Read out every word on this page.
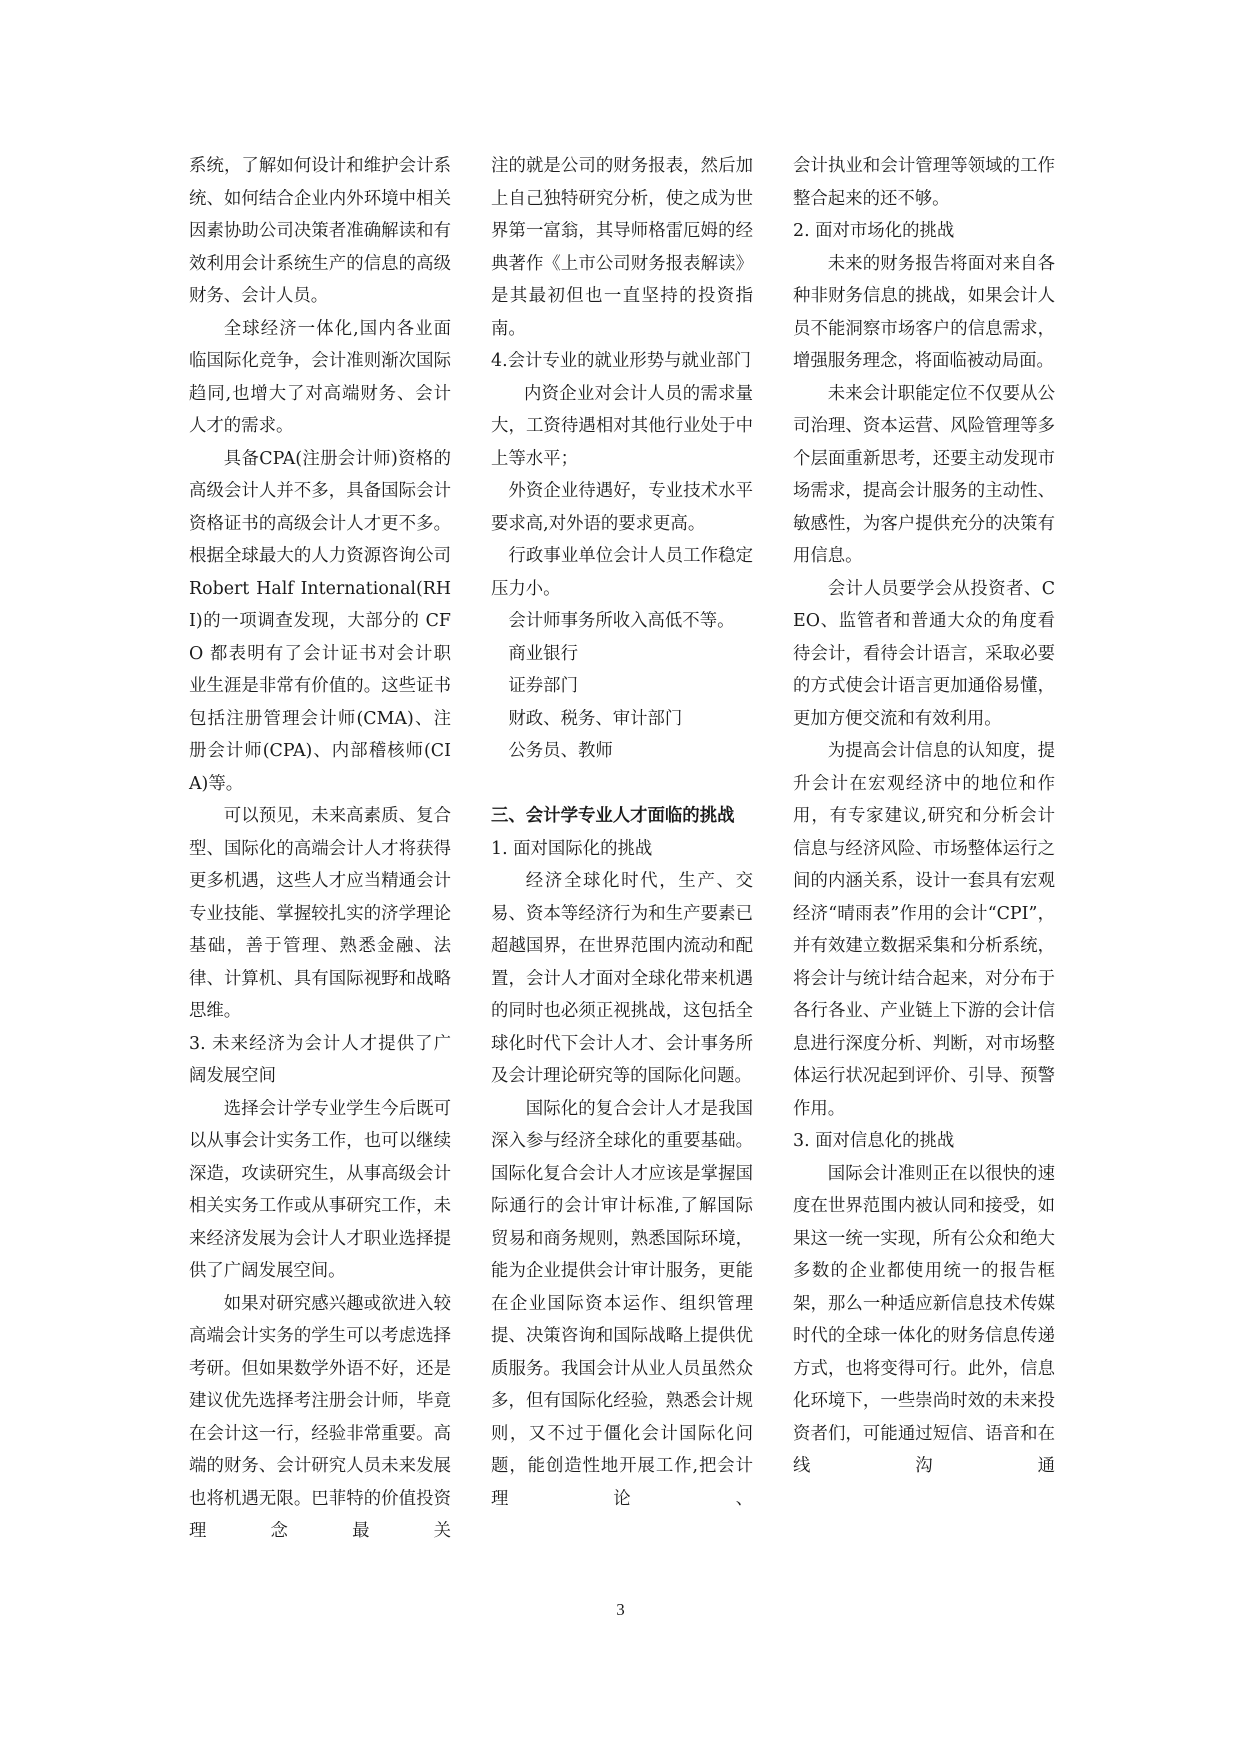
系统，了解如何设计和维护会计系统、如何结合企业内外环境中相关因素协助公司决策者准确解读和有效利用会计系统生产的信息的高级财务、会计人员。

全球经济一体化,国内各业面临国际化竞争，会计准则渐次国际趋同,也增大了对高端财务、会计人才的需求。

具备CPA(注册会计师)资格的高级会计人并不多，具备国际会计资格证书的高级会计人才更不多。根据全球最大的人力资源咨询公司 Robert Half International(RHI)的一项调查发现，大部分的 CFO 都表明有了会计证书对会计职业生涯是非常有价值的。这些证书包括注册管理会计师(CMA)、注册会计师(CPA)、内部稽核师(CIA)等。

可以预见，未来高素质、复合型、国际化的高端会计人才将获得更多机遇，这些人才应当精通会计专业技能、掌握较扎实的济学理论基础，善于管理、熟悉金融、法律、计算机、具有国际视野和战略思维。

3. 未来经济为会计人才提供了广阔发展空间

选择会计学专业学生今后既可以从事会计实务工作，也可以继续深造，攻读研究生，从事高级会计相关实务工作或从事研究工作，未来经济发展为会计人才职业选择提供了广阔发展空间。

如果对研究感兴趣或欲进入较高端会计实务的学生可以考虑选择考研。但如果数学外语不好，还是建议优先选择考注册会计师，毕竟在会计这一行，经验非常重要。高端的财务、会计研究人员未来发展也将机遇无限。巴菲特的价值投资理念最关

注的就是公司的财务报表，然后加上自己独特研究分析，使之成为世界第一富翁，其导师格雷厄姆的经典著作《上市公司财务报表解读》是其最初但也一直坚持的投资指南。

4.会计专业的就业形势与就业部门

内资企业对会计人员的需求量大，工资待遇相对其他行业处于中上等水平；

外资企业待遇好，专业技术水平要求高,对外语的要求更高。

行政事业单位会计人员工作稳定压力小。

会计师事务所收入高低不等。

商业银行

证券部门

财政、税务、审计部门

公务员、教师

三、会计学专业人才面临的挑战

1. 面对国际化的挑战

经济全球化时代，生产、交易、资本等经济行为和生产要素已超越国界，在世界范围内流动和配置，会计人才面对全球化带来机遇的同时也必须正视挑战，这包括全球化时代下会计人才、会计事务所及会计理论研究等的国际化问题。

国际化的复合会计人才是我国深入参与经济全球化的重要基础。国际化复合会计人才应该是掌握国际通行的会计审计标准,了解国际贸易和商务规则，熟悉国际环境，能为企业提供会计审计服务，更能在企业国际资本运作、组织管理提、决策咨询和国际战略上提供优质服务。我国会计从业人员虽然众多，但有国际化经验，熟悉会计规则，又不过于僵化会计国际化问题，能创造性地开展工作,把会计理论、

会计执业和会计管理等领域的工作整合起来的还不够。

2. 面对市场化的挑战

未来的财务报告将面对来自各种非财务信息的挑战，如果会计人员不能洞察市场客户的信息需求，增强服务理念，将面临被动局面。

未来会计职能定位不仅要从公司治理、资本运营、风险管理等多个层面重新思考，还要主动发现市场需求，提高会计服务的主动性、敏感性，为客户提供充分的决策有用信息。

会计人员要学会从投资者、CEO、监管者和普通大众的角度看待会计，看待会计语言，采取必要的方式使会计语言更加通俗易懂，更加方便交流和有效利用。

为提高会计信息的认知度，提升会计在宏观经济中的地位和作用，有专家建议,研究和分析会计信息与经济风险、市场整体运行之间的内涵关系，设计一套具有宏观经济“晴雨表”作用的会计“CPI”，并有效建立数据采集和分析系统，将会计与统计结合起来，对分布于各行各业、产业链上下游的会计信息进行深度分析、判断，对市场整体运行状况起到评价、引导、预警作用。

3. 面对信息化的挑战

国际会计准则正在以很快的速度在世界范围内被认同和接受，如果这一统一实现，所有公众和绝大多数的企业都使用统一的报告框架，那么一种适应新信息技术传媒时代的全球一体化的财务信息传递方式，也将变得可行。此外，信息化环境下，一些崇尚时效的未来投资者们，可能通过短信、语音和在线沟通

3
